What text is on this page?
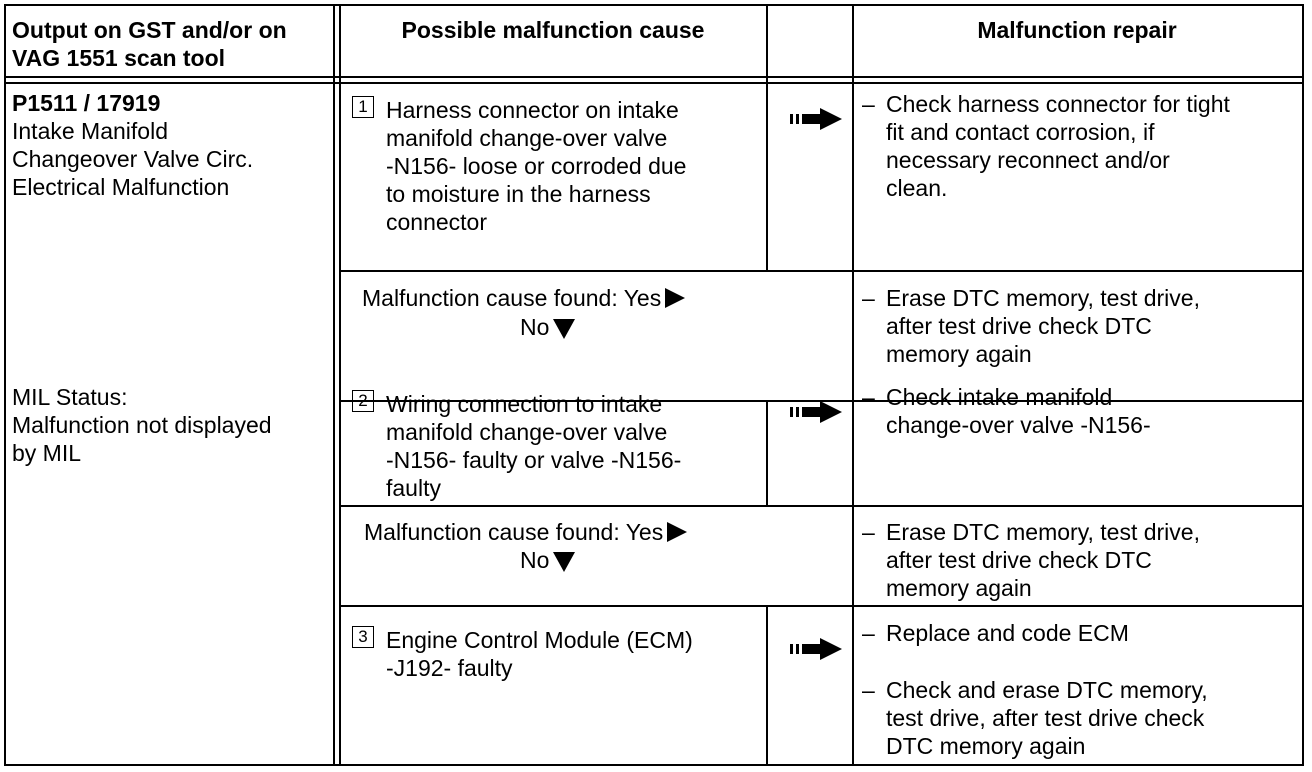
Output on GST and/or on
VAG 1551 scan tool
Possible malfunction cause	Malfunction repair
P1511 / 17919
Intake Manifold
Changeover Valve Circ.
Electrical Malfunction
MIL Status:
Malfunction not displayed
by MIL
1 Harness connector on intake
manifold change-over valve
-N156- loose or corroded due
to moisture in the harness
connector
– Check harness connector for tight
fit and contact corrosion, if
necessary reconnect and/or
clean.
Malfunction cause found: Yes
No
– Erase DTC memory, test drive,
after test drive check DTC
memory again
2 Wiring connection to intake
manifold change-over valve
-N156- faulty or valve -N156-
faulty
– Check intake manifold
change-over valve -N156-
Malfunction cause found: Yes
No
– Erase DTC memory, test drive,
after test drive check DTC
memory again
3 Engine Control Module (ECM)
-J192- faulty
– Replace and code ECM
– Check and erase DTC memory,
test drive, after test drive check
DTC memory again
